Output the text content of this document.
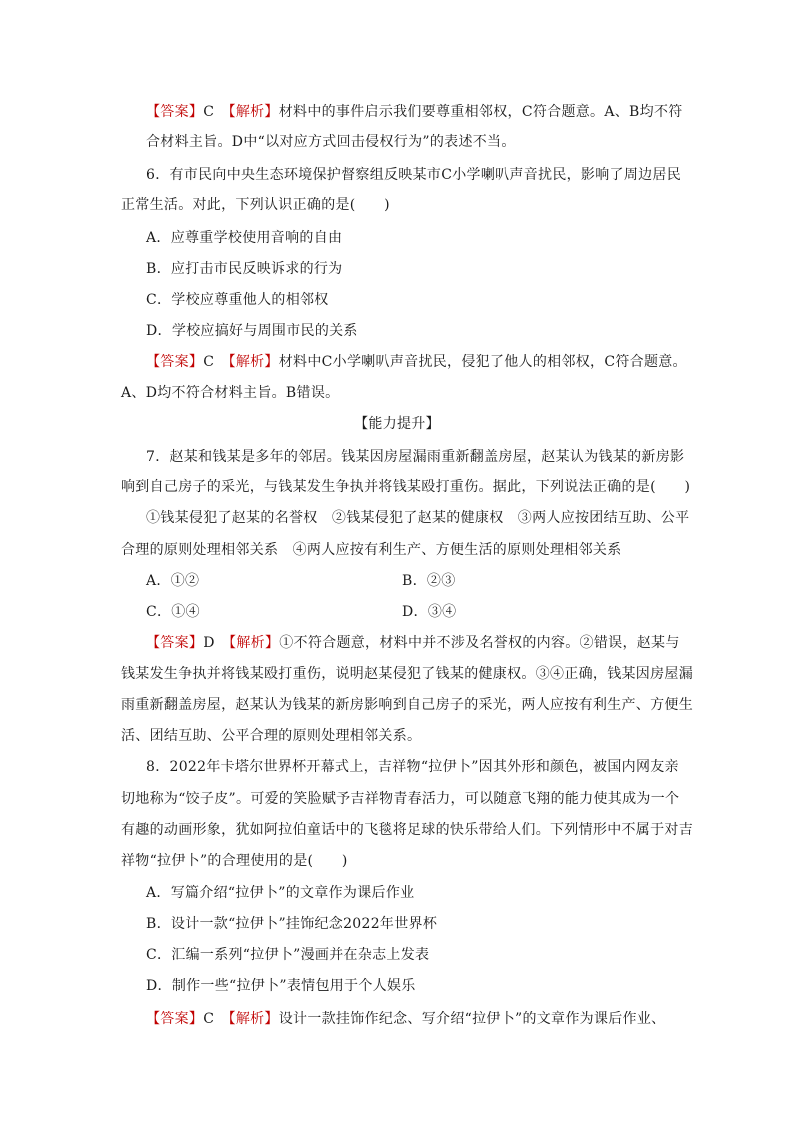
【答案】C　 【解析】材料中的事件启示我们要尊重相邻权，C符合题意。A、B均不符
合材料主旨。D中“以对应方式回击侵权行为”的表述不当。
6．有市民向中央生态环境保护督察组反映某市C小学喇叭声音扰民，影响了周边居民
正常生活。对此，下列认识正确的是(　　)
A．应尊重学校使用音响的自由
B．应打击市民反映诉求的行为
C．学校应尊重他人的相邻权
D．学校应搞好与周围市民的关系
【答案】C　 【解析】材料中C小学喇叭声音扰民，侵犯了他人的相邻权，C符合题意。
A、D均不符合材料主旨。B错误。
【能力提升】
7．赵某和钱某是多年的邻居。钱某因房屋漏雨重新翻盖房屋，赵某认为钱某的新房影
响到自己房子的采光，与钱某发生争执并将钱某殴打重伤。据此，下列说法正确的是(　　)
①钱某侵犯了赵某的名誉权　②钱某侵犯了赵某的健康权　③两人应按团结互助、公平
合理的原则处理相邻关系　④两人应按有利生产、方便生活的原则处理相邻关系
A．①②	B．②③
C．①④	D．③④
【答案】D　 【解析】①不符合题意，材料中并不涉及名誉权的内容。②错误，赵某与
钱某发生争执并将钱某殴打重伤，说明赵某侵犯了钱某的健康权。③④正确，钱某因房屋漏
雨重新翻盖房屋，赵某认为钱某的新房影响到自己房子的采光，两人应按有利生产、方便生
活、团结互助、公平合理的原则处理相邻关系。
8．2022年卡塔尔世界杯开幕式上，吉祥物“拉伊卜”因其外形和颜色，被国内网友亲
切地称为“饺子皮”。可爱的笑脸赋予吉祥物青春活力，可以随意飞翔的能力使其成为一个
有趣的动画形象，犹如阿拉伯童话中的飞毯将足球的快乐带给人们。下列情形中不属于对吉
祥物“拉伊卜”的合理使用的是(　　)
A．写篇介绍“拉伊卜”的文章作为课后作业
B．设计一款“拉伊卜”挂饰纪念2022年世界杯
C．汇编一系列“拉伊卜”漫画并在杂志上发表
D．制作一些“拉伊卜”表情包用于个人娱乐
【答案】C　 【解析】设计一款挂饰作纪念、写介绍“拉伊卜”的文章作为课后作业、
